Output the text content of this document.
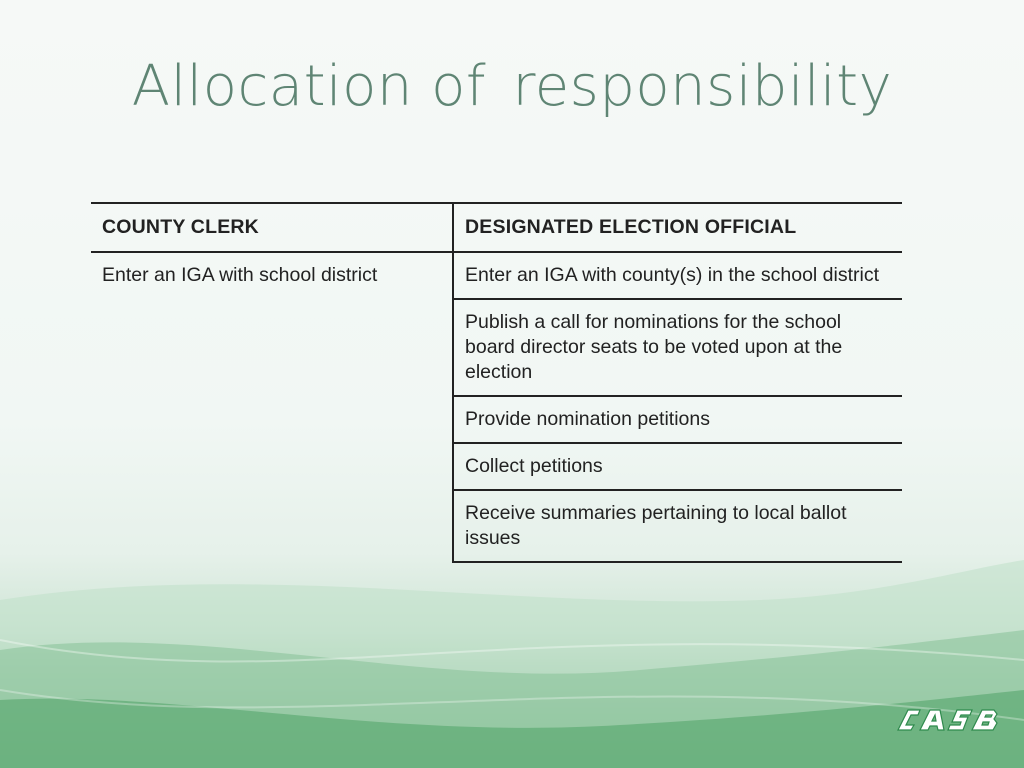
Allocation of responsibility
COUNTY CLERK	DESIGNATED ELECTION OFFICIAL
Enter an IGA with school district	Enter an IGA with county(s) in the school district
	Publish a call for nominations for the school board director seats to be voted upon at the election
	Provide nomination petitions
	Collect petitions
	Receive summaries pertaining to local ballot issues
CASB
